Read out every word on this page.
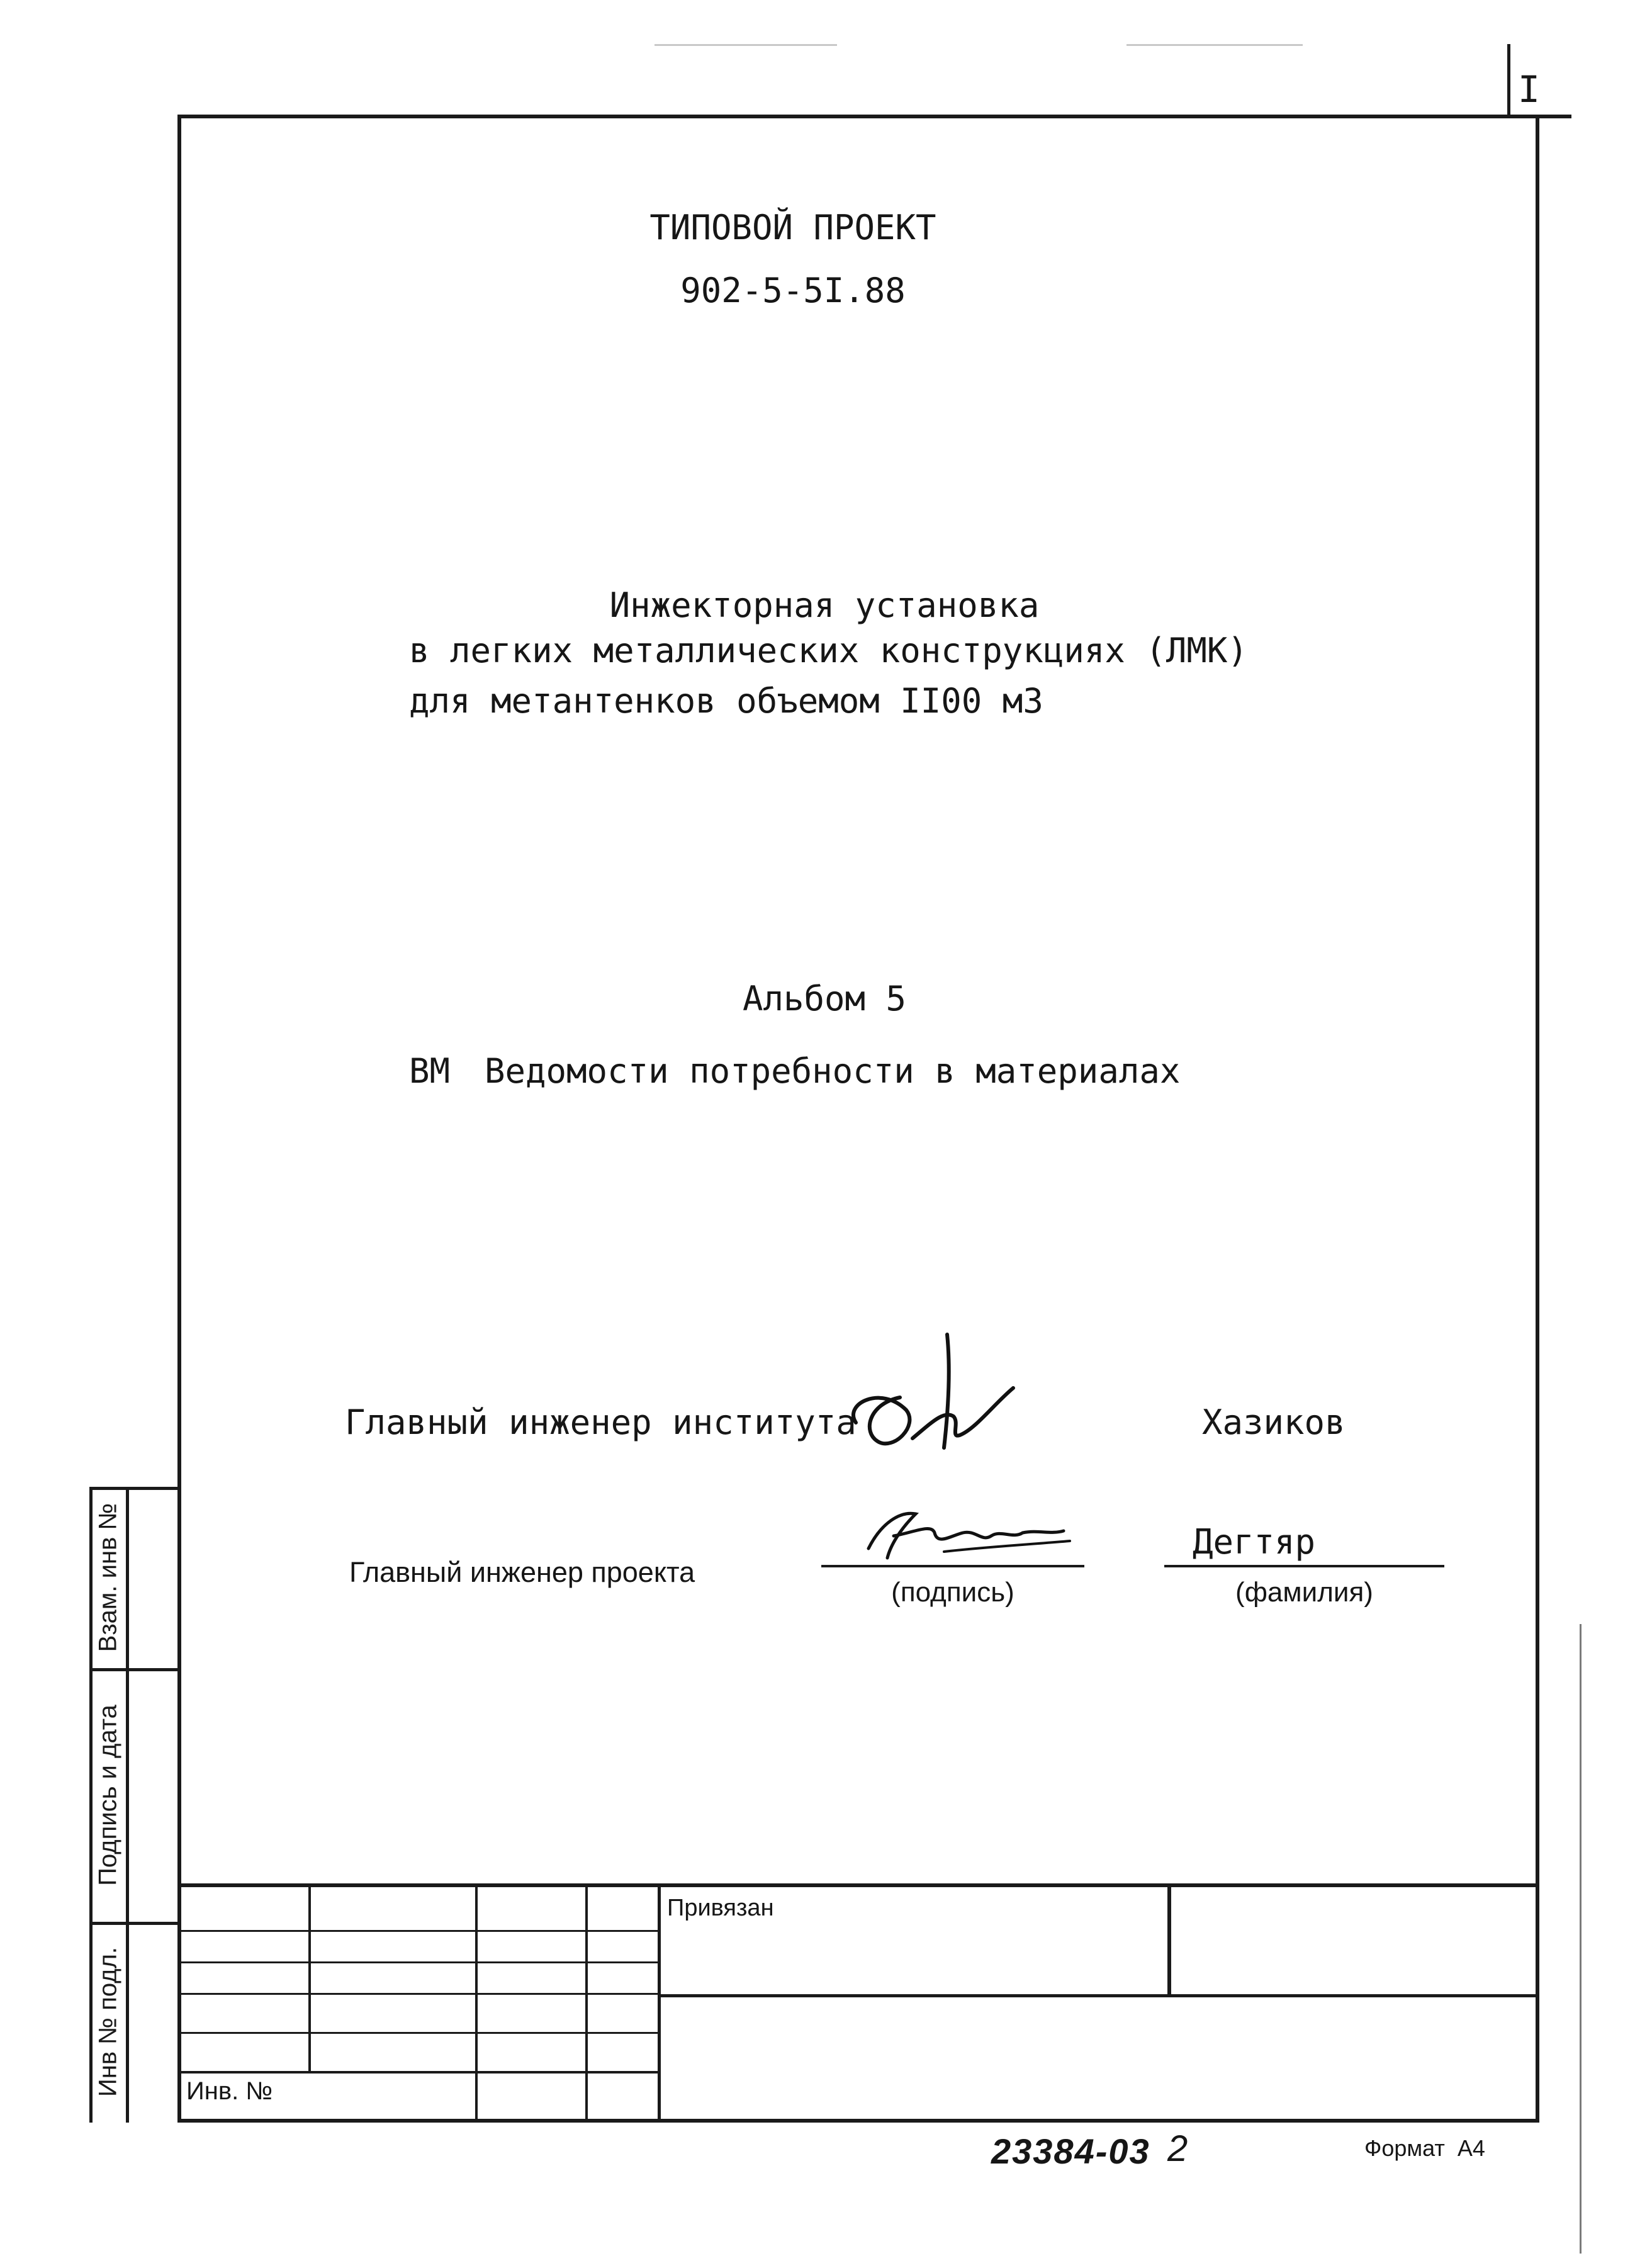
I
ТИПОВОЙ ПРОЕКТ
902-5-5I.88
Инжекторная установка
в легких металлических конструкциях (ЛМК)
для метантенков объемом II00 м3
Альбом 5
ВМ Ведомости потребности в материалах
Главный инженер института	Хазиков
Главный инженер проекта
(подпись)
Дегтяр
(фамилия)
Взам. инв №
Подпись и дата
Инв № подл.
Привязан
Инв. №
23384-03 2	Формат  А4
